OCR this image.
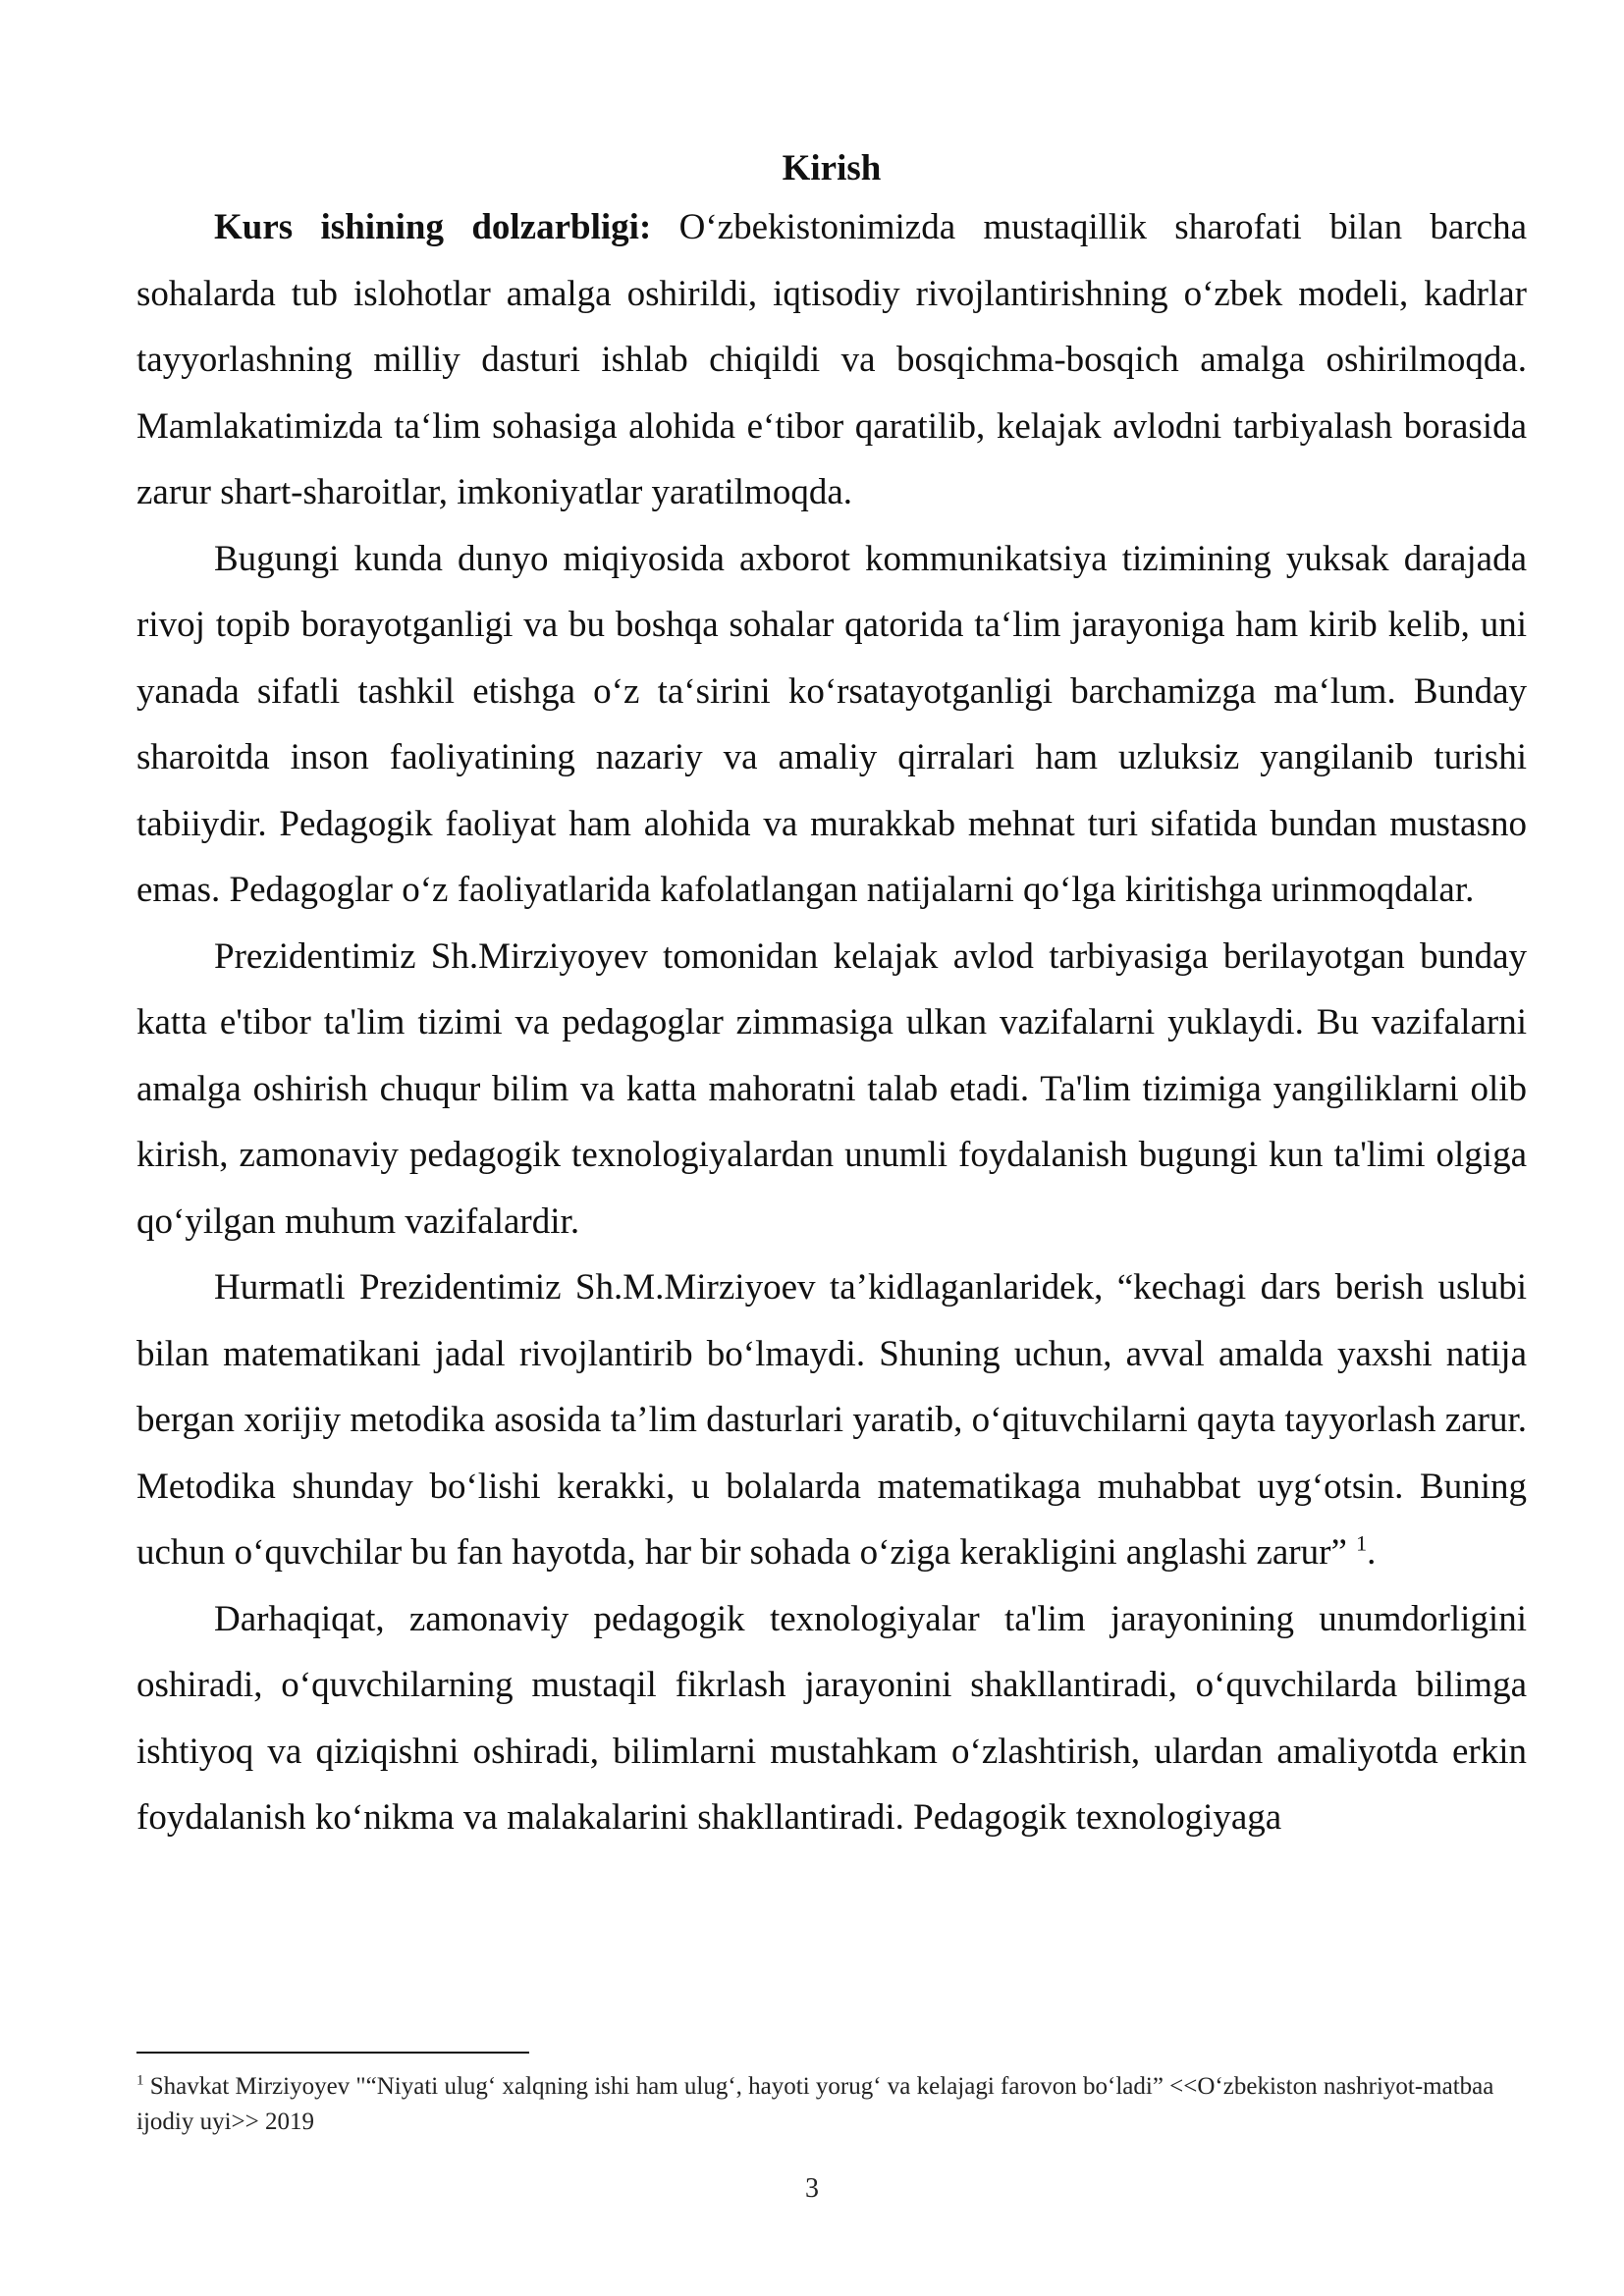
Kirish

Kurs ishining dolzarbligi: O‘zbekistonimizda mustaqillik sharofati bilan barcha sohalarda tub islohotlar amalga oshirildi, iqtisodiy rivojlantirishning o‘zbek modeli, kadrlar tayyorlashning milliy dasturi ishlab chiqildi va bosqichma-bosqich amalga oshirilmoqda. Mamlakatimizda ta‘lim sohasiga alohida e‘tibor qaratilib, kelajak avlodni tarbiyalash borasida zarur shart-sharoitlar, imkoniyatlar yaratilmoqda.

Bugungi kunda dunyo miqiyosida axborot kommunikatsiya tizimining yuksak darajada rivoj topib borayotganligi va bu boshqa sohalar qatorida ta‘lim jarayoniga ham kirib kelib, uni yanada sifatli tashkil etishga o‘z ta‘sirini ko‘rsatayotganligi barchamizga ma‘lum. Bunday sharoitda inson faoliyatining nazariy va amaliy qirralari ham uzluksiz yangilanib turishi tabiiydir. Pedagogik faoliyat ham alohida va murakkab mehnat turi sifatida bundan mustasno emas. Pedagoglar o‘z faoliyatlarida kafolatlangan natijalarni qo‘lga kiritishga urinmoqdalar.

Prezidentimiz Sh.Mirziyoyev tomonidan kelajak avlod tarbiyasiga berilayotgan bunday katta e'tibor ta'lim tizimi va pedagoglar zimmasiga ulkan vazifalarni yuklaydi. Bu vazifalarni amalga oshirish chuqur bilim va katta mahoratni talab etadi. Ta'lim tizimiga yangiliklarni olib kirish, zamonaviy pedagogik texnologiyalardan unumli foydalanish bugungi kun ta'limi olgiga qo‘yilgan muhum vazifalardir.

Hurmatli Prezidentimiz Sh.M.Mirziyoev ta’kidlaganlaridek, “kechagi dars berish uslubi bilan matematikani jadal rivojlantirib bo‘lmaydi. Shuning uchun, avval amalda yaxshi natija bergan xorijiy metodika asosida ta’lim dasturlari yaratib, o‘qituvchilarni qayta tayyorlash zarur. Metodika shunday bo‘lishi kerakki, u bolalarda matematikaga muhabbat uyg‘otsin. Buning uchun o‘quvchilar bu fan hayotda, har bir sohada o‘ziga kerakligini anglashi zarur” $^1$.

Darhaqiqat, zamonaviy pedagogik texnologiyalar ta'lim jarayonining unumdorligini oshiradi, o‘quvchilarning mustaqil fikrlash jarayonini shakllantiradi, o‘quvchilarda bilimga ishtiyoq va qiziqishni oshiradi, bilimlarni mustahkam o‘zlashtirish, ulardan amaliyotda erkin foydalanish ko‘nikma va malakalarini shakllantiradi. Pedagogik texnologiyaga

$^1$ Shavkat Mirziyoyev "“Niyati ulug‘ xalqning ishi ham ulug‘, hayoti yorug‘ va kelajagi farovon bo‘ladi” <<O‘zbekiston nashriyot-matbaa ijodiy uyi>> 2019

3
